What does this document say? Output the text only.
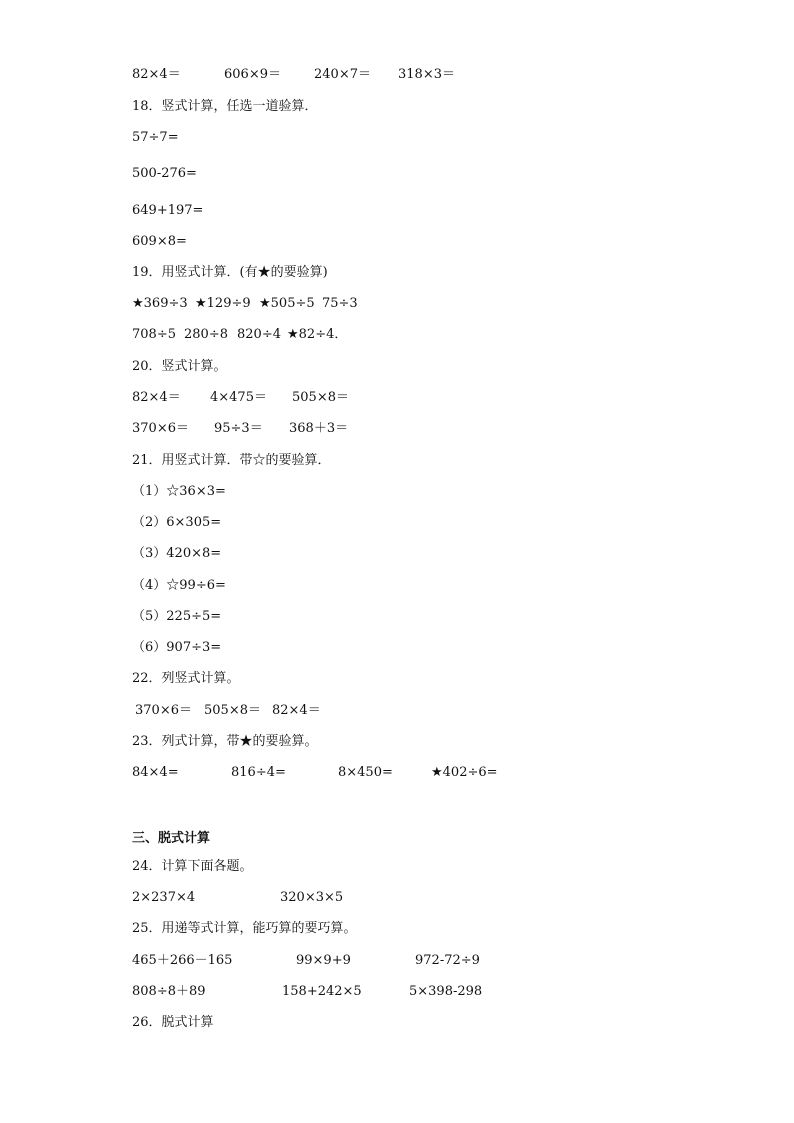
82×4＝	606×9＝	240×7＝ 318×3＝
18．竖式计算，任选一道验算．
57÷7=
500-276=
649+197=
609×8=
19．用竖式计算．(有★的要验算)
★369÷3 ★129÷9 ★505÷5 75÷3
708÷5 280÷8 820÷4 ★82÷4．
20．竖式计算。
82×4＝ 4×475＝ 505×8＝
370×6＝ 95÷3＝ 368＋3＝
21．用竖式计算．带☆的要验算．
（1）☆36×3=
（2）6×305=
（3）420×8=
（4）☆99÷6=
（5）225÷5=
（6）907÷3=
22．列竖式计算。
370×6＝ 505×8＝ 82×4＝
23．列式计算，带★的要验算。
84×4=	816÷4=	8×450=	★402÷6=
三、脱式计算
24．计算下面各题。
2×237×4	320×3×5
25．用递等式计算，能巧算的要巧算。
465＋266－165	99×9+9	972-72÷9
808÷8＋89	158+242×5	5×398-298
26．脱式计算
